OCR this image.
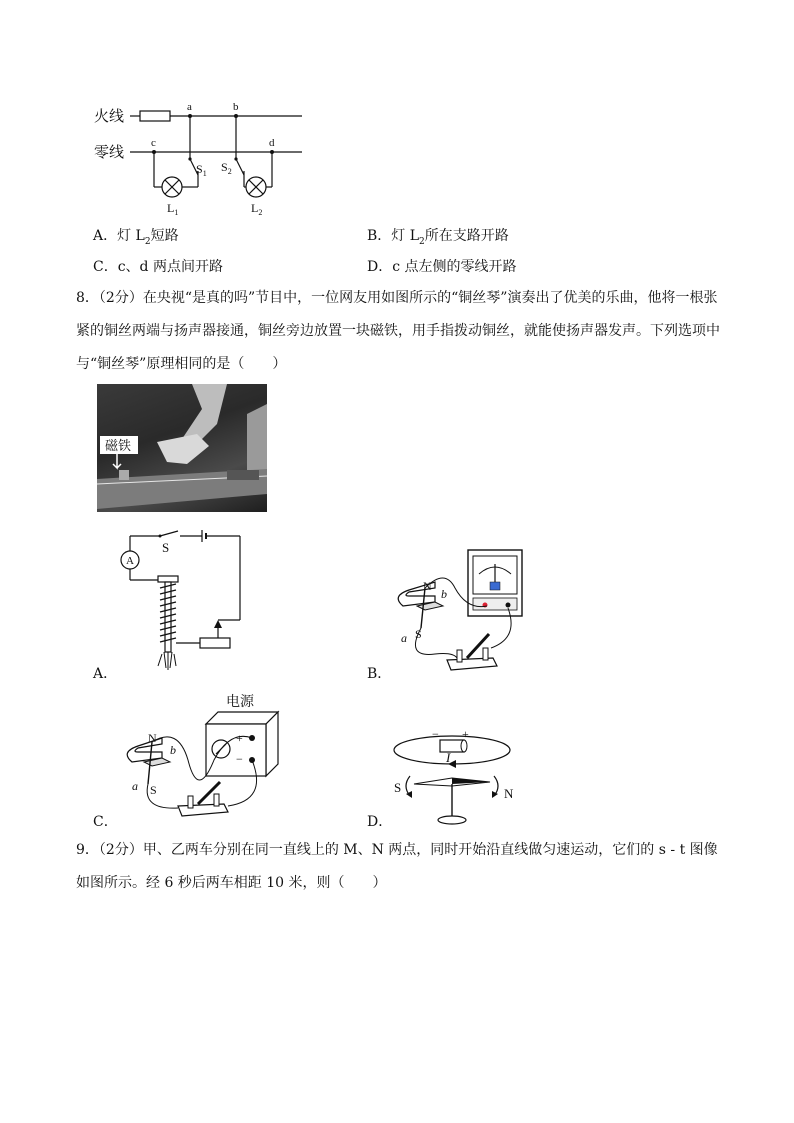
火线
零线
a	b
c	d
$S_1$ $S_2$
$L_1$	$L_2$
A．灯 $L_2$短路	B．灯 $L_2$所在支路开路
C．c、d 两点间开路	D．c 点左侧的零线开路
8．（2分）在央视“是真的吗”节目中，一位网友用如图所示的“铜丝琴”演奏出了优美的乐曲，他将一根张紧的铜丝两端与扬声器接通，铜丝旁边放置一块磁铁，用手指拨动铜丝，就能使扬声器发声。下列选项中与“铜丝琴”原理相同的是（　　）
磁铁
A
S
A．
N
S
a
b
B．
电源
+
−
N
S
a
b
C．
− +
I
S	N
D．
9．（2分）甲、乙两车分别在同一直线上的 M、N 两点，同时开始沿直线做匀速运动，它们的 s - t 图像如图所示。经 6 秒后两车相距 10 米，则（　　）
